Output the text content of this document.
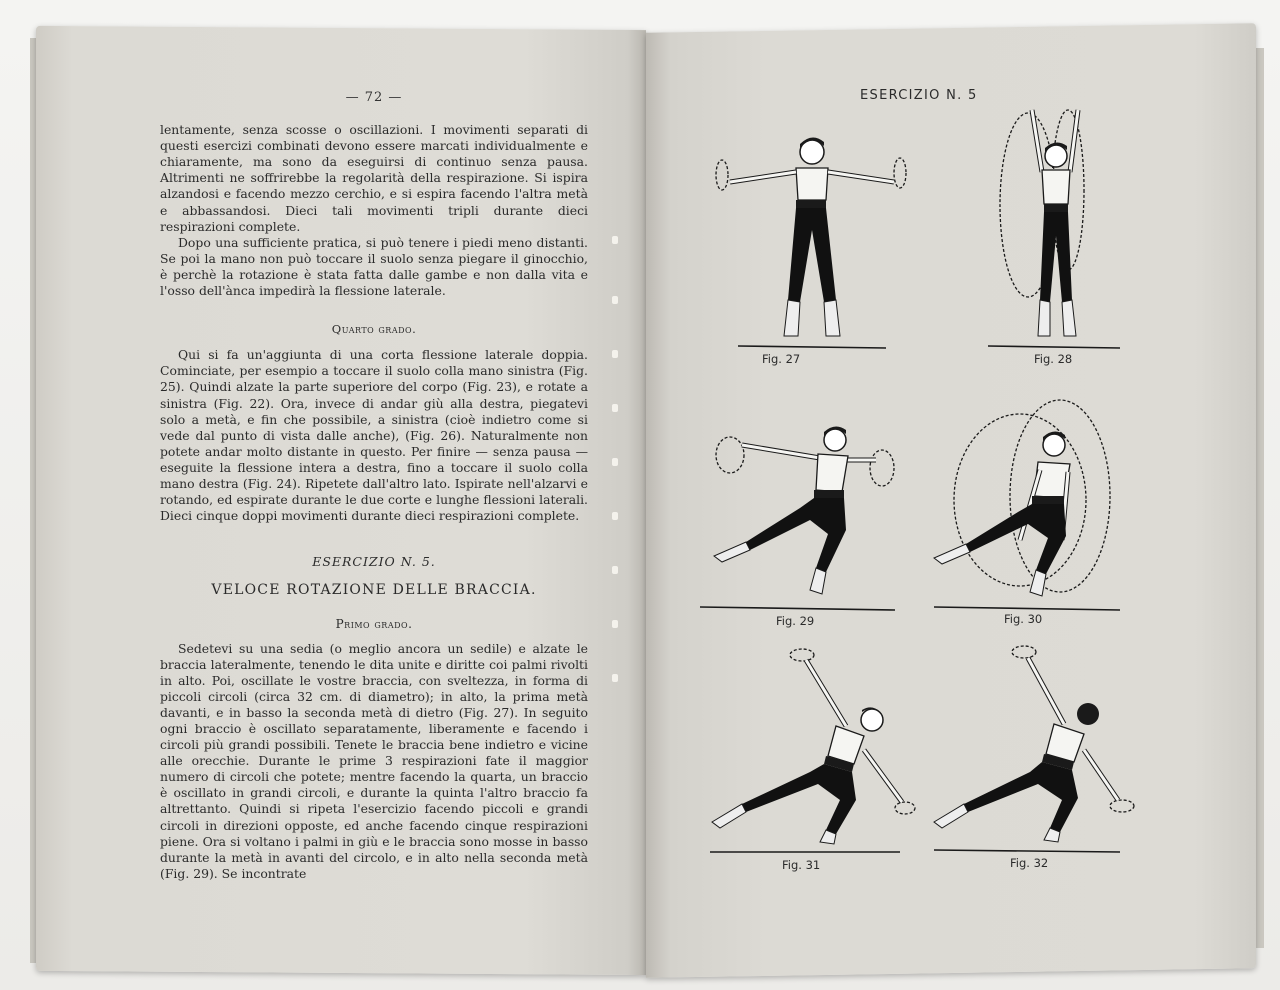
— 72 —

lentamente, senza scosse o oscillazioni. I movimenti separati di questi esercizi combinati devono essere marcati individualmente e chiaramente, ma sono da eseguirsi di continuo senza pausa. Altrimenti ne soffrirebbe la regolarità della respirazione. Si ispira alzandosi e facendo mezzo cerchio, e si espira facendo l'altra metà e abbassandosi. Dieci tali movimenti tripli durante dieci respirazioni complete.

Dopo una sufficiente pratica, si può tenere i piedi meno distanti. Se poi la mano non può toccare il suolo senza piegare il ginocchio, è perchè la rotazione è stata fatta dalle gambe e non dalla vita e l'osso dell'ànca impedirà la flessione laterale.

Quarto grado.

Qui si fa un'aggiunta di una corta flessione laterale doppia. Cominciate, per esempio a toccare il suolo colla mano sinistra (Fig. 25). Quindi alzate la parte superiore del corpo (Fig. 23), e rotate a sinistra (Fig. 22). Ora, invece di andar giù alla destra, piegatevi solo a metà, e fin che possibile, a sinistra (cioè indietro come si vede dal punto di vista dalle anche), (Fig. 26). Naturalmente non potete andar molto distante in questo. Per finire — senza pausa — eseguite la flessione intera a destra, fino a toccare il suolo colla mano destra (Fig. 24). Ripetete dall'altro lato. Ispirate nell'alzarvi e rotando, ed espirate durante le due corte e lunghe flessioni laterali. Dieci cinque doppi movimenti durante dieci respirazioni complete.

ESERCIZIO N. 5.
VELOCE ROTAZIONE DELLE BRACCIA.
Primo grado.

Sedetevi su una sedia (o meglio ancora un sedile) e alzate le braccia lateralmente, tenendo le dita unite e diritte coi palmi rivolti in alto. Poi, oscillate le vostre braccia, con sveltezza, in forma di piccoli circoli (circa 32 cm. di diametro); in alto, la prima metà davanti, e in basso la seconda metà di dietro (Fig. 27). In seguito ogni braccio è oscillato separatamente, liberamente e facendo i circoli più grandi possibili. Tenete le braccia bene indietro e vicine alle orecchie. Durante le prime 3 respirazioni fate il maggior numero di circoli che potete; mentre facendo la quarta, un braccio è oscillato in grandi circoli, e durante la quinta l'altro braccio fa altrettanto. Quindi si ripeta l'esercizio facendo piccoli e grandi circoli in direzioni opposte, ed anche facendo cinque respirazioni piene. Ora si voltano i palmi in giù e le braccia sono mosse in basso durante la metà in avanti del circolo, e in alto nella seconda metà (Fig. 29). Se incontrate

ESERCIZIO N. 5
Fig. 27	Fig. 28
Fig. 29	Fig. 30
Fig. 31	Fig. 32
